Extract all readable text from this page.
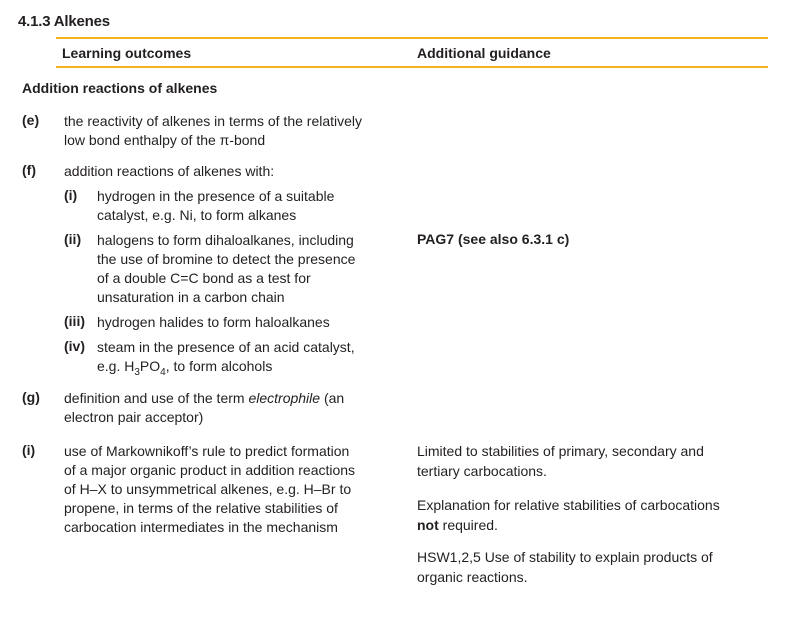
4.1.3 Alkenes
Learning outcomes	Additional guidance
Addition reactions of alkenes
(e) the reactivity of alkenes in terms of the relatively
low bond enthalpy of the π-bond
(f) addition reactions of alkenes with:
(i) hydrogen in the presence of a suitable
catalyst, e.g. Ni, to form alkanes
(ii) halogens to form dihaloalkanes, including
the use of bromine to detect the presence
of a double C=C bond as a test for
unsaturation in a carbon chain
(iii) hydrogen halides to form haloalkanes
(iv) steam in the presence of an acid catalyst,
e.g. $H_3PO_4$, to form alcohols
(g) definition and use of the term electrophile (an
electron pair acceptor)
(i) use of Markownikoff’s rule to predict formation
of a major organic product in addition reactions
of H–X to unsymmetrical alkenes, e.g. H–Br to
propene, in terms of the relative stabilities of
carbocation intermediates in the mechanism
PAG7 (see also 6.3.1 c)
Limited to stabilities of primary, secondary and
tertiary carbocations.
Explanation for relative stabilities of carbocations
not required.
HSW1,2,5 Use of stability to explain products of
organic reactions.
